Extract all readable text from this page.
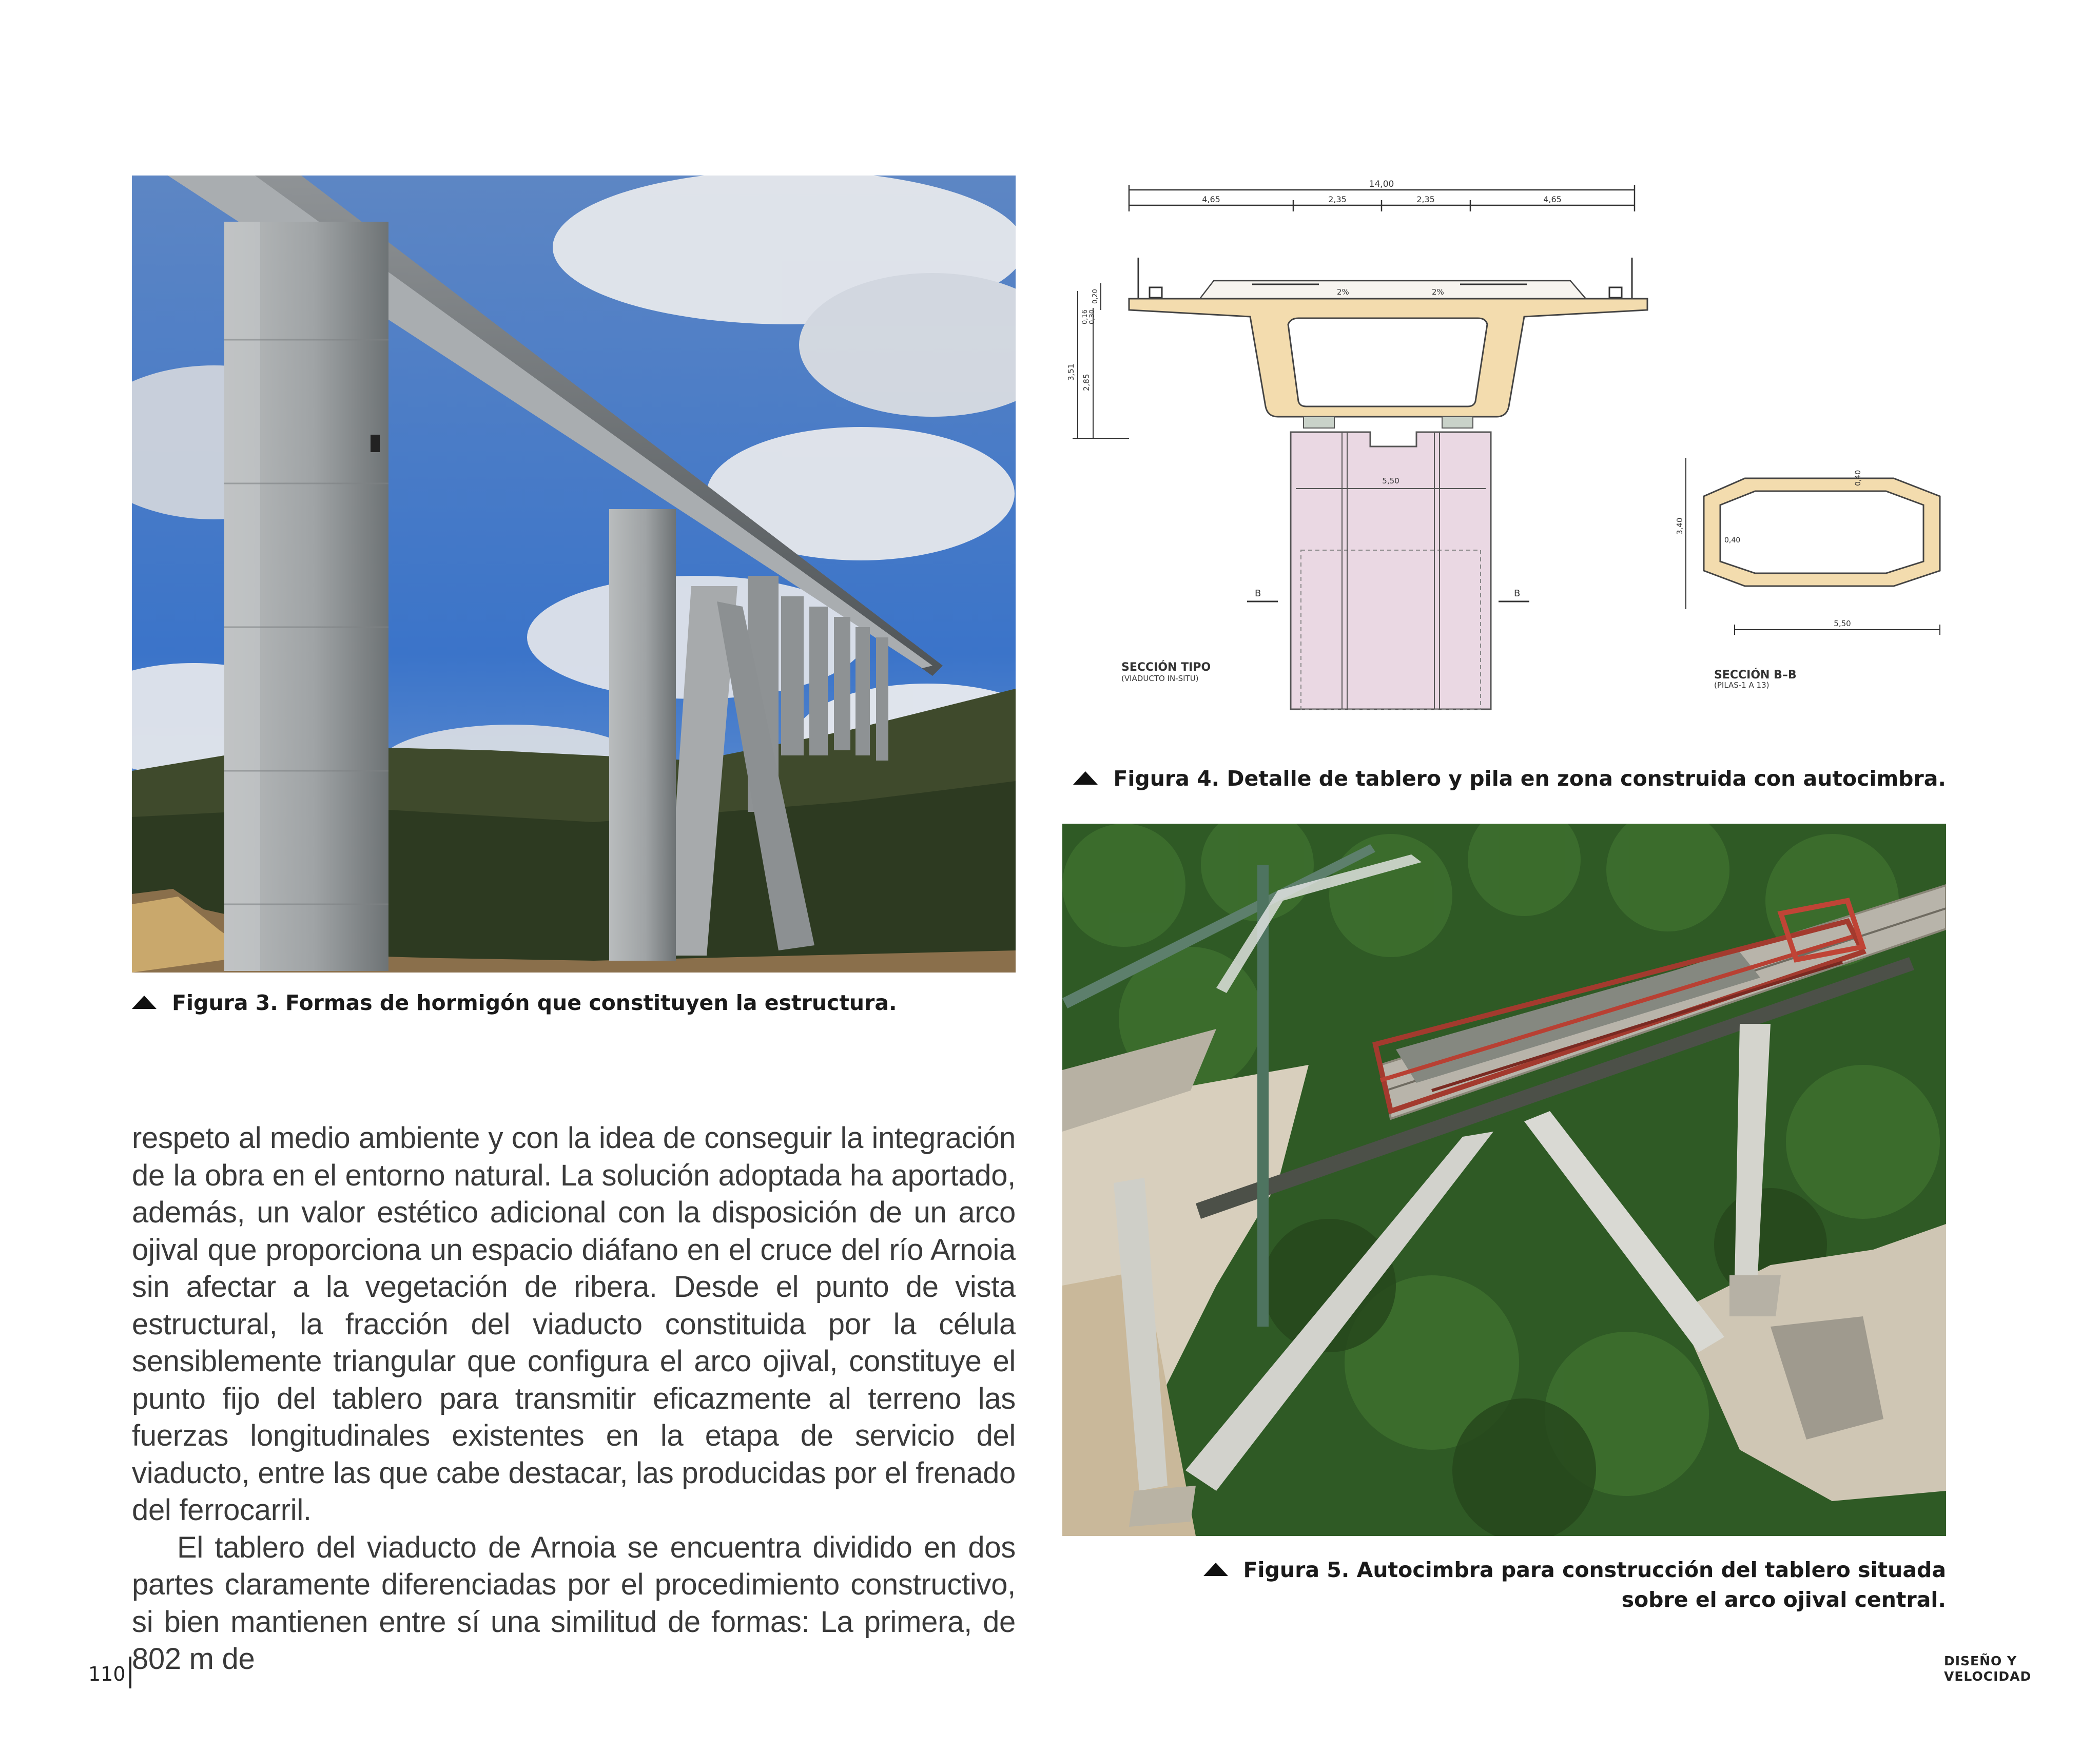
Figura 3. Formas de hormigón que constituyen la estructura.
14,00
4,65	2,35	2,35	4,65
2%	2%
3,51
2,85
0,20
0,16 0,30
5,50
B	B
SECCIÓN TIPO
(VIADUCTO IN-SITU)
3,40
0,40
0,40
5,50
SECCIÓN B–B
(PILAS-1 A 13)
Figura 4. Detalle de tablero y pila en zona construida con autocimbra.
Figura 5. Autocimbra para construcción del tablero situada
sobre el arco ojival central.

respeto al medio ambiente y con la idea de conseguir la integración de la obra en el entorno natural. La solución adoptada ha aportado, además, un valor estético adicional con la disposición de un arco ojival que proporciona un espacio diáfano en el cruce del río Arnoia sin afectar a la vegetación de ribera. Desde el punto de vista estructural, la fracción del viaducto constituida por la célula sensiblemente triangular que configura el arco ojival, constituye el punto fijo del tablero para transmitir eficazmente al terreno las fuerzas longitudinales existentes en la etapa de servicio del viaducto, entre las que cabe destacar, las producidas por el frenado del ferrocarril.

El tablero del viaducto de Arnoia se encuentra dividido en dos partes claramente diferenciadas por el procedimiento constructivo, si bien mantienen entre sí una similitud de formas: La primera, de 802 m de

110
DISEÑO Y
VELOCIDAD
